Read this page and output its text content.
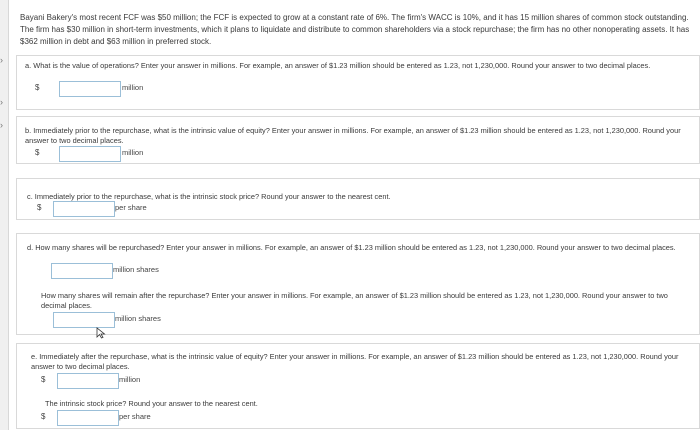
›
›
›
Bayani Bakery's most recent FCF was $50 million; the FCF is expected to grow at a constant rate of 6%. The firm's WACC is 10%, and it has 15 million shares of common stock outstanding. The firm has $30 million in short-term investments, which it plans to liquidate and distribute to common shareholders via a stock repurchase; the firm has no other nonoperating assets. It has $362 million in debt and $63 million in preferred stock.
a. What is the value of operations? Enter your answer in millions. For example, an answer of $1.23 million should be entered as 1.23, not 1,230,000. Round your answer to two decimal places.
$	million
b. Immediately prior to the repurchase, what is the intrinsic value of equity? Enter your answer in millions. For example, an answer of $1.23 million should be entered as 1.23, not 1,230,000. Round your answer to two decimal places.
$	million
c. Immediately prior to the repurchase, what is the intrinsic stock price? Round your answer to the nearest cent.
$	per share
d. How many shares will be repurchased? Enter your answer in millions. For example, an answer of $1.23 million should be entered as 1.23, not 1,230,000. Round your answer to two decimal places.
million shares
How many shares will remain after the repurchase? Enter your answer in millions. For example, an answer of $1.23 million should be entered as 1.23, not 1,230,000. Round your answer to two decimal places.
million shares
e. Immediately after the repurchase, what is the intrinsic value of equity? Enter your answer in millions. For example, an answer of $1.23 million should be entered as 1.23, not 1,230,000. Round your answer to two decimal places.
$	million
The intrinsic stock price? Round your answer to the nearest cent.
$	per share
